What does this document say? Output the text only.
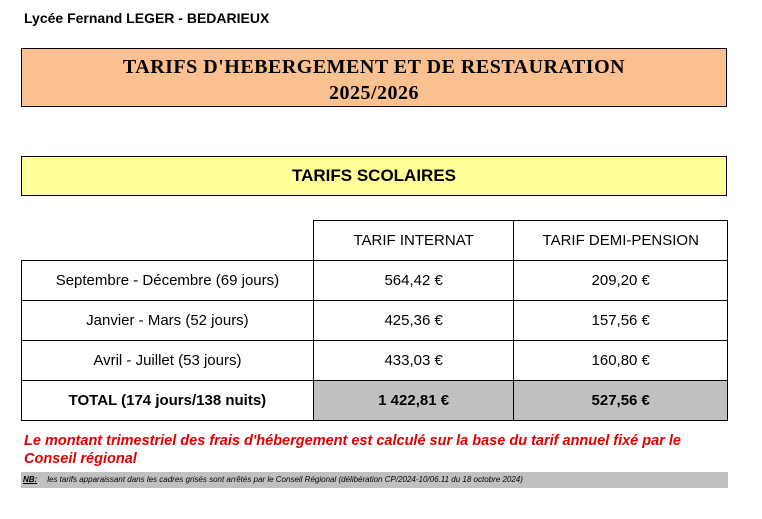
Lycée Fernand LEGER - BEDARIEUX
TARIFS D'HEBERGEMENT ET DE RESTAURATION
2025/2026
TARIFS SCOLAIRES
	TARIF INTERNAT	TARIF DEMI-PENSION
Septembre - Décembre (69 jours)	564,42 €	209,20 €
Janvier - Mars (52 jours)	425,36 €	157,56 €
Avril - Juillet (53 jours)	433,03 €	160,80 €
TOTAL (174 jours/138 nuits)	1 422,81 €	527,56 €
Le montant trimestriel des frais d'hébergement est calculé sur la base du tarif annuel fixé par le Conseil régional
NB: les tarifs apparaissant dans les cadres grisés sont arrêtés par le Conseil Régional (délibération CP/2024-10/06.11 du 18 octobre 2024)
